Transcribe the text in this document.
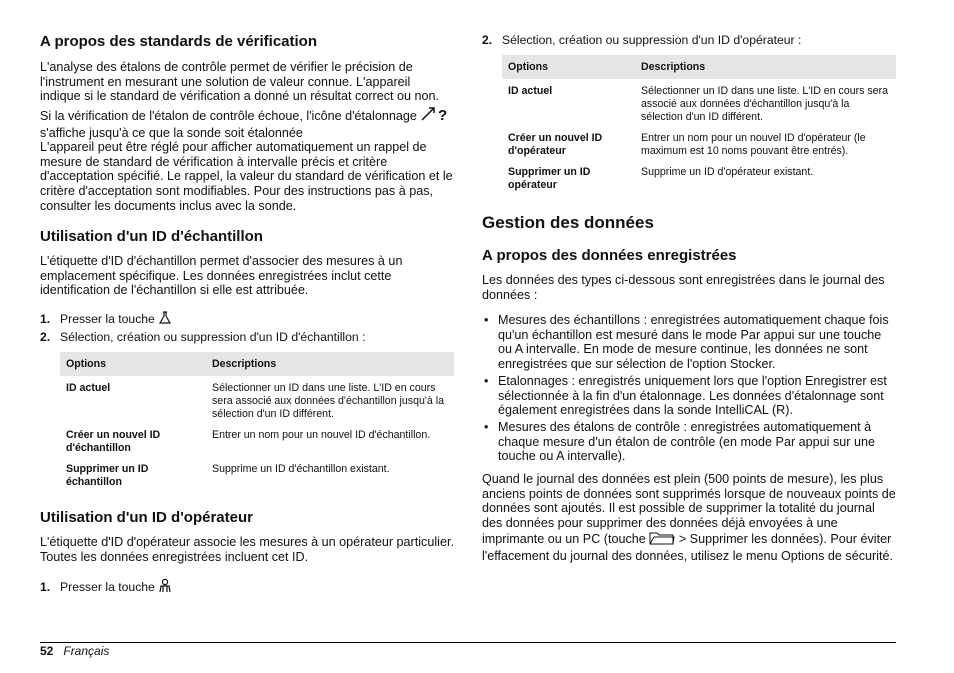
A propos des standards de vérification

L'analyse des étalons de contrôle permet de vérifier le précision de l'instrument en mesurant une solution de valeur connue. L'appareil indique si le standard de vérification a donné un résultat correct ou non.

Si la vérification de l'étalon de contrôle échoue, l'icône d'étalonnage ?

s'affiche jusqu'à ce que la sonde soit étalonnée

L'appareil peut être réglé pour afficher automatiquement un rappel de mesure de standard de vérification à intervalle précis et critère d'acceptation spécifié. Le rappel, la valeur du standard de vérification et le critère d'acceptation sont modifiables. Pour des instructions pas à pas, consulter les documents inclus avec la sonde.

Utilisation d'un ID d'échantillon

L'étiquette d'ID d'échantillon permet d'associer des mesures à un emplacement spécifique. Les données enregistrées inclut cette identification de l'échantillon si elle est attribuée.

1. Presser la touche
2. Sélection, création ou suppression d'un ID d'échantillon :
Options	Descriptions
ID actuel	Sélectionner un ID dans une liste. L'ID en cours sera associé aux données d'échantillon jusqu'à la sélection d'un ID différent.
Créer un nouvel ID d'échantillon	Entrer un nom pour un nouvel ID d'échantillon.
Supprimer un ID échantillon	Supprime un ID d'échantillon existant.
Utilisation d'un ID d'opérateur

L'étiquette d'ID d'opérateur associe les mesures à un opérateur particulier. Toutes les données enregistrées incluent cet ID.

1. Presser la touche
2. Sélection, création ou suppression d'un ID d'opérateur :
Options	Descriptions
ID actuel	Sélectionner un ID dans une liste. L'ID en cours sera associé aux données d'échantillon jusqu'à la sélection d'un ID différent.
Créer un nouvel ID d'opérateur	Entrer un nom pour un nouvel ID d'opérateur (le maximum est 10 noms pouvant être entrés).
Supprimer un ID opérateur	Supprime un ID d'opérateur existant.
Gestion des données
A propos des données enregistrées

Les données des types ci-dessous sont enregistrées dans le journal des données :

• Mesures des échantillons : enregistrées automatiquement chaque fois qu'un échantillon est mesuré dans le mode Par appui sur une touche ou A intervalle. En mode de mesure continue, les données ne sont enregistrées que sur sélection de l'option Stocker.
• Etalonnages : enregistrés uniquement lors que l'option Enregistrer est sélectionnée à la fin d'un étalonnage. Les données d'étalonnage sont également enregistrées dans la sonde IntelliCAL (R).
• Mesures des étalons de contrôle : enregistrées automatiquement à chaque mesure d'un étalon de contrôle (en mode Par appui sur une touche ou A intervalle).

Quand le journal des données est plein (500 points de mesure), les plus anciens points de données sont supprimés lorsque de nouveaux points de données sont ajoutés. Il est possible de supprimer la totalité du journal des données pour supprimer des données déjà envoyées à une imprimante ou un PC (touche	> Supprimer les données). Pour éviter l'effacement du journal des données, utilisez le menu Options de sécurité.

52 Français
